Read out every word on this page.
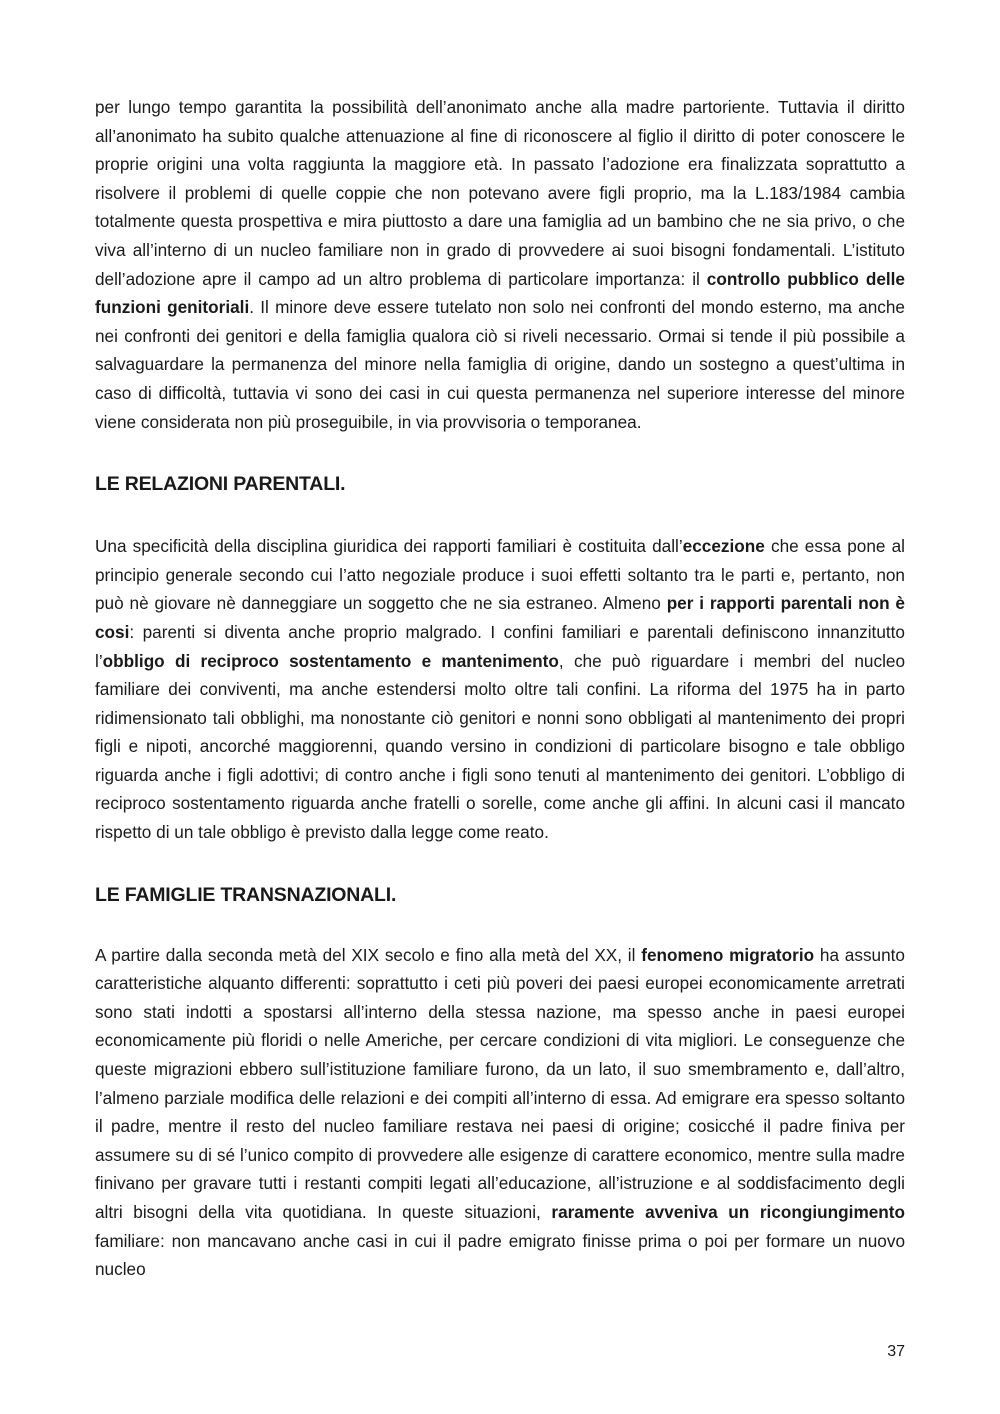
per lungo tempo garantita la possibilità dell’anonimato anche alla madre partoriente. Tuttavia il diritto all’anonimato ha subito qualche attenuazione al fine di riconoscere al figlio il diritto di poter conoscere le proprie origini una volta raggiunta la maggiore età. In passato l’adozione era finalizzata soprattutto a risolvere il problemi di quelle coppie che non potevano avere figli proprio, ma la L.183/1984 cambia totalmente questa prospettiva e mira piuttosto a dare una famiglia ad un bambino che ne sia privo, o che viva all’interno di un nucleo familiare non in grado di provvedere ai suoi bisogni fondamentali. L’istituto dell’adozione apre il campo ad un altro problema di particolare importanza: il controllo pubblico delle funzioni genitoriali. Il minore deve essere tutelato non solo nei confronti del mondo esterno, ma anche nei confronti dei genitori e della famiglia qualora ciò si riveli necessario. Ormai si tende il più possibile a salvaguardare la permanenza del minore nella famiglia di origine, dando un sostegno a quest’ultima in caso di difficoltà, tuttavia vi sono dei casi in cui questa permanenza nel superiore interesse del minore viene considerata non più proseguibile, in via provvisoria o temporanea.

LE RELAZIONI PARENTALI.

Una specificità della disciplina giuridica dei rapporti familiari è costituita dall’eccezione che essa pone al principio generale secondo cui l’atto negoziale produce i suoi effetti soltanto tra le parti e, pertanto, non può nè giovare nè danneggiare un soggetto che ne sia estraneo. Almeno per i rapporti parentali non è cosi: parenti si diventa anche proprio malgrado. I confini familiari e parentali definiscono innanzitutto l’obbligo di reciproco sostentamento e mantenimento, che può riguardare i membri del nucleo familiare dei conviventi, ma anche estendersi molto oltre tali confini. La riforma del 1975 ha in parto ridimensionato tali obblighi, ma nonostante ciò genitori e nonni sono obbligati al mantenimento dei propri figli e nipoti, ancorché maggiorenni, quando versino in condizioni di particolare bisogno e tale obbligo riguarda anche i figli adottivi; di contro anche i figli sono tenuti al mantenimento dei genitori. L’obbligo di reciproco sostentamento riguarda anche fratelli o sorelle, come anche gli affini. In alcuni casi il mancato rispetto di un tale obbligo è previsto dalla legge come reato.

LE FAMIGLIE TRANSNAZIONALI.

A partire dalla seconda metà del XIX secolo e fino alla metà del XX, il fenomeno migratorio ha assunto caratteristiche alquanto differenti: soprattutto i ceti più poveri dei paesi europei economicamente arretrati sono stati indotti a spostarsi all’interno della stessa nazione, ma spesso anche in paesi europei economicamente più floridi o nelle Americhe, per cercare condizioni di vita migliori. Le conseguenze che queste migrazioni ebbero sull’istituzione familiare furono, da un lato, il suo smembramento e, dall’altro, l’almeno parziale modifica delle relazioni e dei compiti all’interno di essa. Ad emigrare era spesso soltanto il padre, mentre il resto del nucleo familiare restava nei paesi di origine; cosicché il padre finiva per assumere su di sé l’unico compito di provvedere alle esigenze di carattere economico, mentre sulla madre finivano per gravare tutti i restanti compiti legati all’educazione, all’istruzione e al soddisfacimento degli altri bisogni della vita quotidiana. In queste situazioni, raramente avveniva un ricongiungimento familiare: non mancavano anche casi in cui il padre emigrato finisse prima o poi per formare un nuovo nucleo

37
